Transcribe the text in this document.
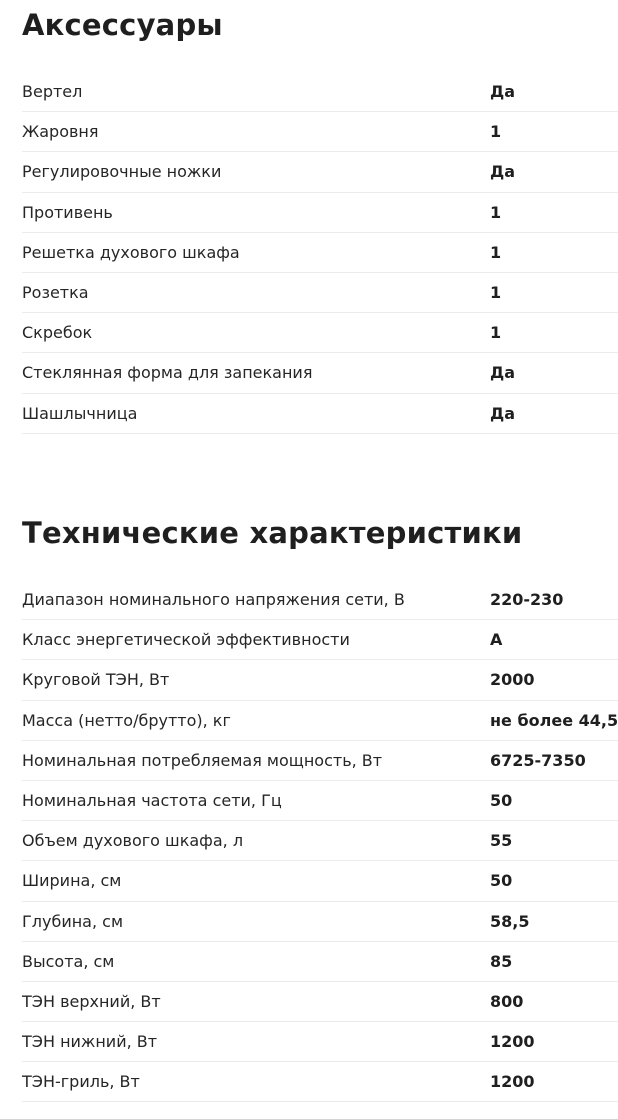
Аксессуары
Вертел	Да
Жаровня	1
Регулировочные ножки	Да
Противень	1
Решетка духового шкафа	1
Розетка	1
Скребок	1
Стеклянная форма для запекания	Да
Шашлычница	Да
Технические характеристики
Диапазон номинального напряжения сети, В	220-230
Класс энергетической эффективности	A
Круговой ТЭН, Вт	2000
Масса (нетто/брутто), кг	не более 44,5
Номинальная потребляемая мощность, Вт	6725-7350
Номинальная частота сети, Гц	50
Объем духового шкафа, л	55
Ширина, см	50
Глубина, см	58,5
Высота, см	85
ТЭН верхний, Вт	800
ТЭН нижний, Вт	1200
ТЭН-гриль, Вт	1200
